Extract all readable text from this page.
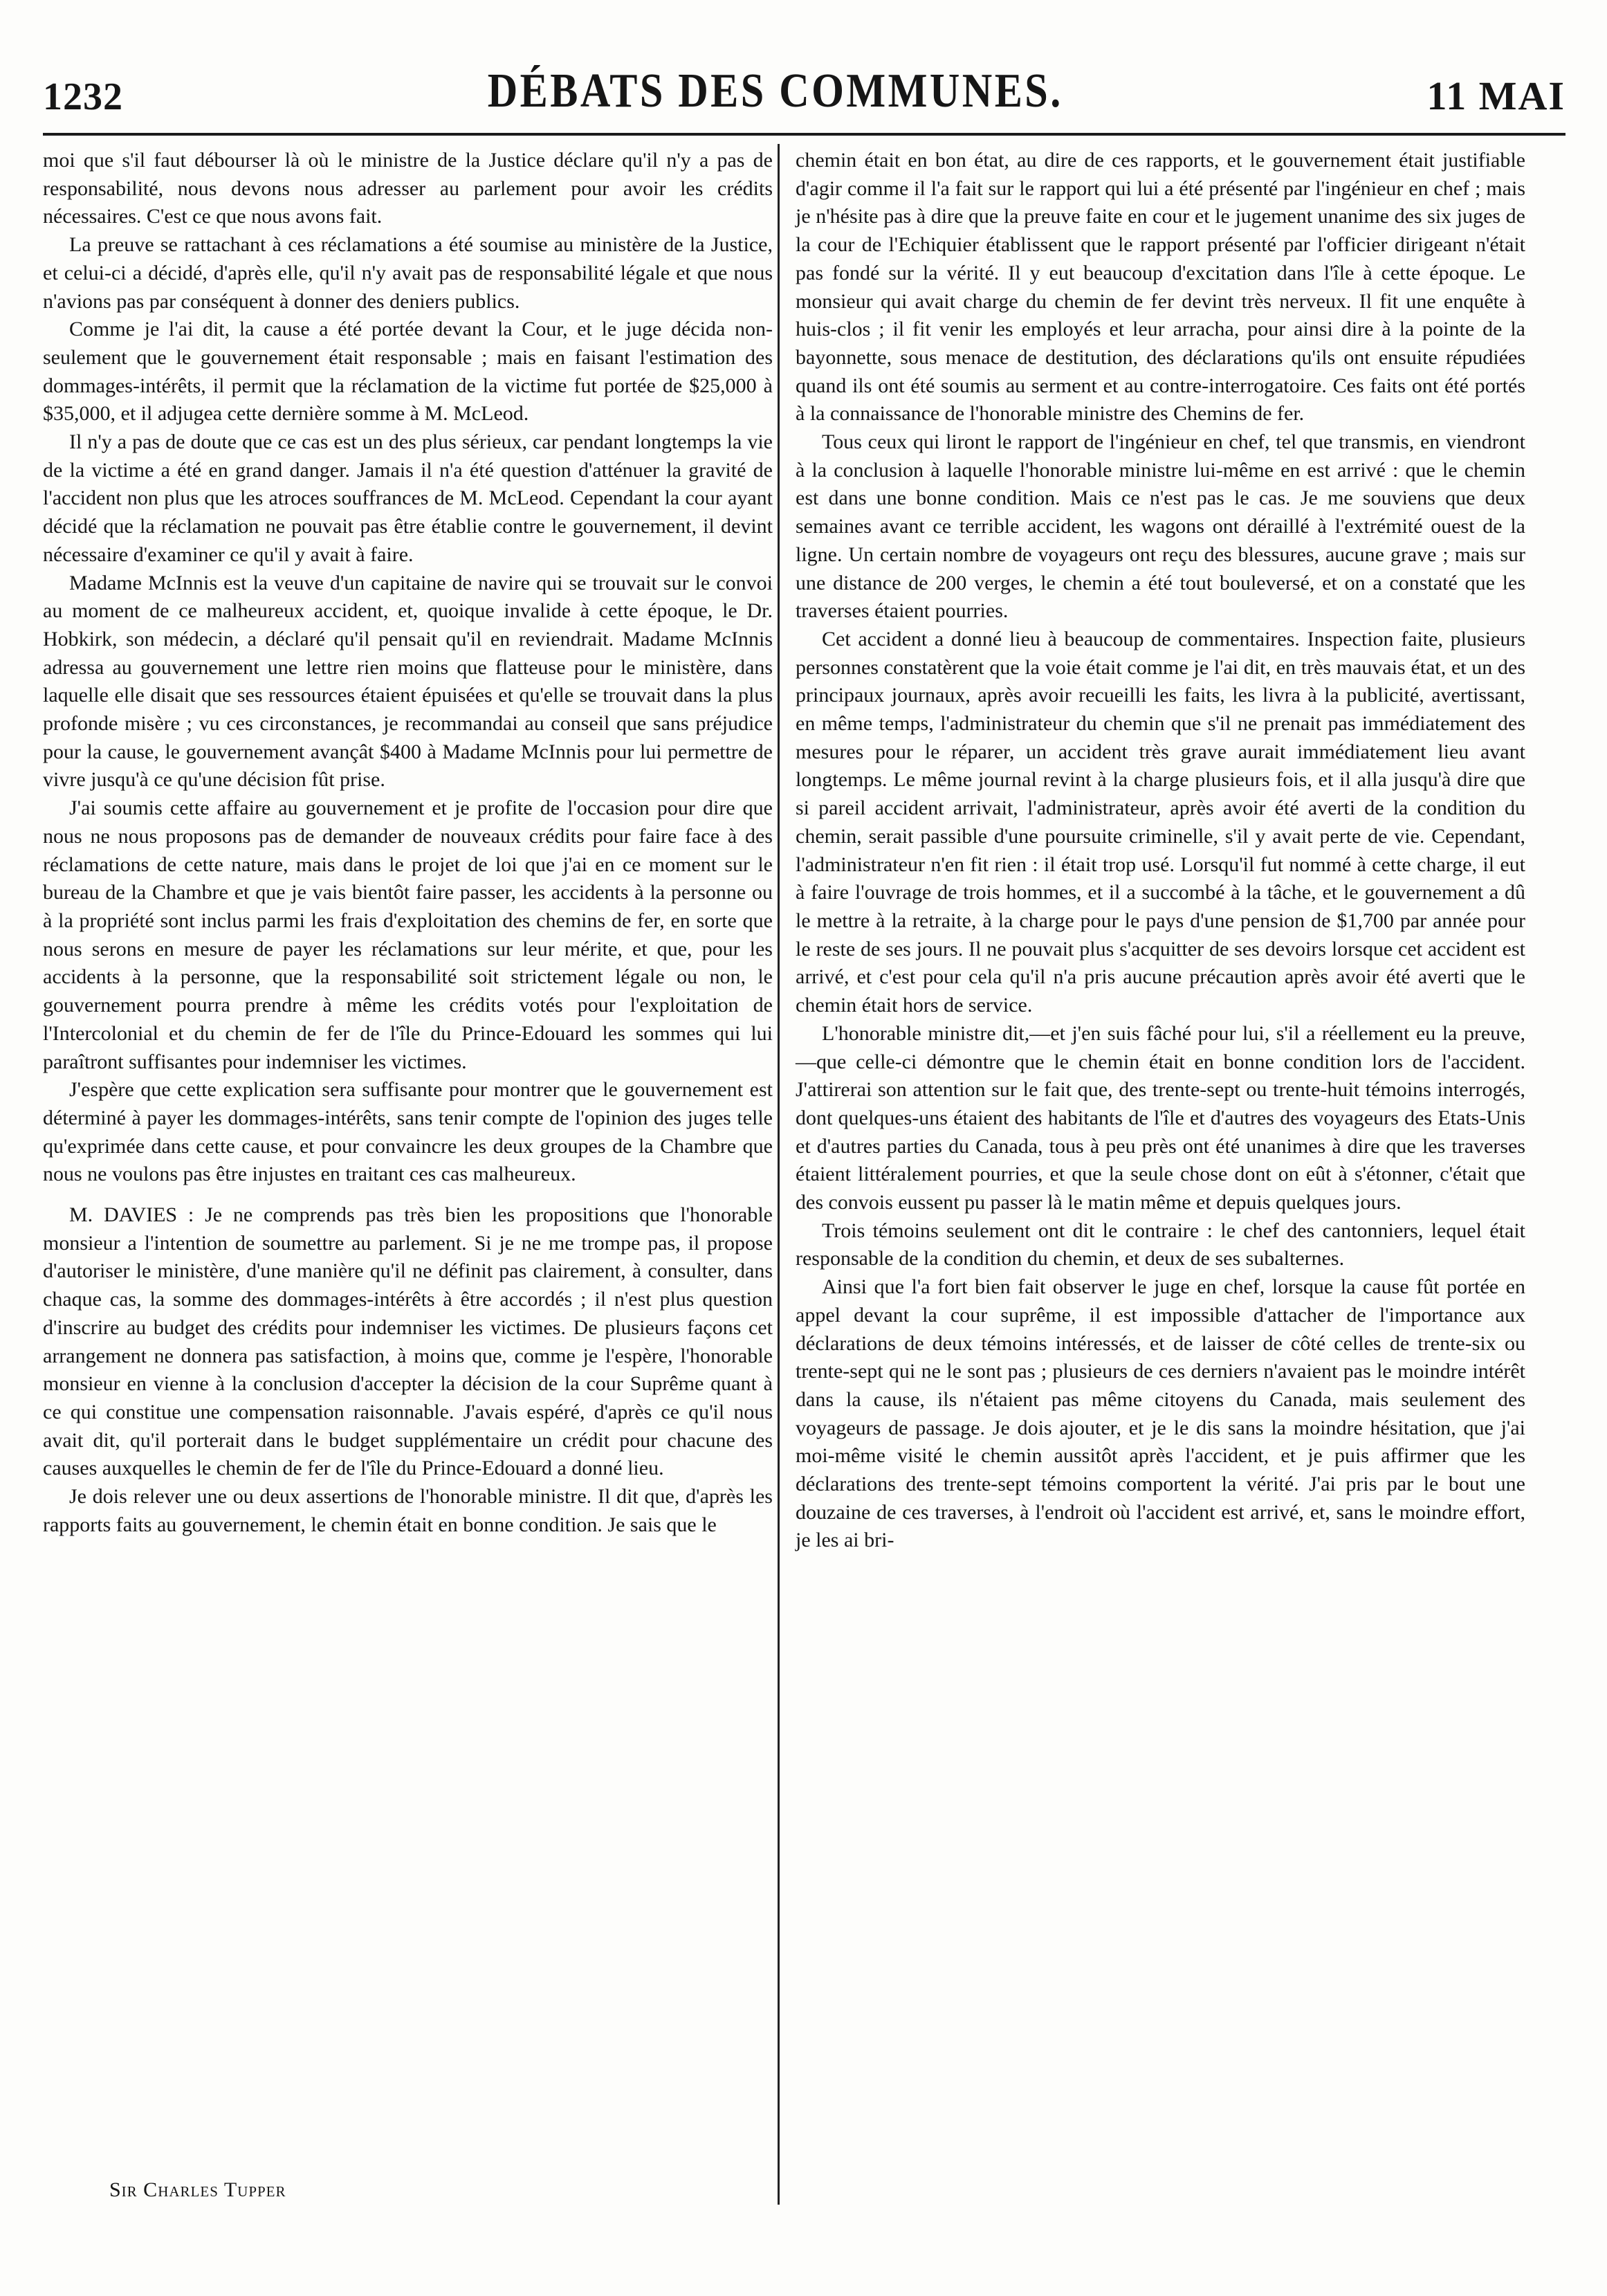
1232	DÉBATS DES COMMUNES.	11 MAI

moi que s'il faut débourser là où le ministre de la Justice déclare qu'il n'y a pas de responsabilité, nous devons nous adresser au parlement pour avoir les crédits nécessaires. C'est ce que nous avons fait.

La preuve se rattachant à ces réclamations a été soumise au ministère de la Justice, et celui-ci a décidé, d'après elle, qu'il n'y avait pas de responsabilité légale et que nous n'avions pas par conséquent à donner des deniers publics.

Comme je l'ai dit, la cause a été portée devant la Cour, et le juge décida non-seulement que le gouvernement était responsable ; mais en faisant l'estimation des dommages-intérêts, il permit que la réclamation de la victime fut portée de $25,000 à $35,000, et il adjugea cette dernière somme à M. McLeod.

Il n'y a pas de doute que ce cas est un des plus sérieux, car pendant longtemps la vie de la victime a été en grand danger. Jamais il n'a été question d'atténuer la gravité de l'accident non plus que les atroces souffrances de M. McLeod. Cependant la cour ayant décidé que la réclamation ne pouvait pas être établie contre le gouvernement, il devint nécessaire d'examiner ce qu'il y avait à faire.

Madame McInnis est la veuve d'un capitaine de navire qui se trouvait sur le convoi au moment de ce malheureux accident, et, quoique invalide à cette époque, le Dr. Hobkirk, son médecin, a déclaré qu'il pensait qu'il en reviendrait. Madame McInnis adressa au gouvernement une lettre rien moins que flatteuse pour le ministère, dans laquelle elle disait que ses ressources étaient épuisées et qu'elle se trouvait dans la plus profonde misère ; vu ces circonstances, je recommandai au conseil que sans préjudice pour la cause, le gouvernement avançât $400 à Madame McInnis pour lui permettre de vivre jusqu'à ce qu'une décision fût prise.

J'ai soumis cette affaire au gouvernement et je profite de l'occasion pour dire que nous ne nous proposons pas de demander de nouveaux crédits pour faire face à des réclamations de cette nature, mais dans le projet de loi que j'ai en ce moment sur le bureau de la Chambre et que je vais bientôt faire passer, les accidents à la personne ou à la propriété sont inclus parmi les frais d'exploitation des chemins de fer, en sorte que nous serons en mesure de payer les réclamations sur leur mérite, et que, pour les accidents à la personne, que la responsabilité soit strictement légale ou non, le gouvernement pourra prendre à même les crédits votés pour l'exploitation de l'Intercolonial et du chemin de fer de l'île du Prince-Edouard les sommes qui lui paraîtront suffisantes pour indemniser les victimes.

J'espère que cette explication sera suffisante pour montrer que le gouvernement est déterminé à payer les dommages-intérêts, sans tenir compte de l'opinion des juges telle qu'exprimée dans cette cause, et pour convaincre les deux groupes de la Chambre que nous ne voulons pas être injustes en traitant ces cas malheureux.

M. DAVIES : Je ne comprends pas très bien les propositions que l'honorable monsieur a l'intention de soumettre au parlement. Si je ne me trompe pas, il propose d'autoriser le ministère, d'une manière qu'il ne définit pas clairement, à consulter, dans chaque cas, la somme des dommages-intérêts à être accordés ; il n'est plus question d'inscrire au budget des crédits pour indemniser les victimes. De plusieurs façons cet arrangement ne donnera pas satisfaction, à moins que, comme je l'espère, l'honorable monsieur en vienne à la conclusion d'accepter la décision de la cour Suprême quant à ce qui constitue une compensation raisonnable. J'avais espéré, d'après ce qu'il nous avait dit, qu'il porterait dans le budget supplémentaire un crédit pour chacune des causes auxquelles le chemin de fer de l'île du Prince-Edouard a donné lieu.

Je dois relever une ou deux assertions de l'honorable ministre. Il dit que, d'après les rapports faits au gouvernement, le chemin était en bonne condition. Je sais que le

Sir Charles Tupper

chemin était en bon état, au dire de ces rapports, et le gouvernement était justifiable d'agir comme il l'a fait sur le rapport qui lui a été présenté par l'ingénieur en chef ; mais je n'hésite pas à dire que la preuve faite en cour et le jugement unanime des six juges de la cour de l'Echiquier établissent que le rapport présenté par l'officier dirigeant n'était pas fondé sur la vérité. Il y eut beaucoup d'excitation dans l'île à cette époque. Le monsieur qui avait charge du chemin de fer devint très nerveux. Il fit une enquête à huis-clos ; il fit venir les employés et leur arracha, pour ainsi dire à la pointe de la bayonnette, sous menace de destitution, des déclarations qu'ils ont ensuite répudiées quand ils ont été soumis au serment et au contre-interrogatoire. Ces faits ont été portés à la connaissance de l'honorable ministre des Chemins de fer.

Tous ceux qui liront le rapport de l'ingénieur en chef, tel que transmis, en viendront à la conclusion à laquelle l'honorable ministre lui-même en est arrivé : que le chemin est dans une bonne condition. Mais ce n'est pas le cas. Je me souviens que deux semaines avant ce terrible accident, les wagons ont déraillé à l'extrémité ouest de la ligne. Un certain nombre de voyageurs ont reçu des blessures, aucune grave ; mais sur une distance de 200 verges, le chemin a été tout bouleversé, et on a constaté que les traverses étaient pourries.

Cet accident a donné lieu à beaucoup de commentaires. Inspection faite, plusieurs personnes constatèrent que la voie était comme je l'ai dit, en très mauvais état, et un des principaux journaux, après avoir recueilli les faits, les livra à la publicité, avertissant, en même temps, l'administrateur du chemin que s'il ne prenait pas immédiatement des mesures pour le réparer, un accident très grave aurait immédiatement lieu avant longtemps. Le même journal revint à la charge plusieurs fois, et il alla jusqu'à dire que si pareil accident arrivait, l'administrateur, après avoir été averti de la condition du chemin, serait passible d'une poursuite criminelle, s'il y avait perte de vie. Cependant, l'administrateur n'en fit rien : il était trop usé. Lorsqu'il fut nommé à cette charge, il eut à faire l'ouvrage de trois hommes, et il a succombé à la tâche, et le gouvernement a dû le mettre à la retraite, à la charge pour le pays d'une pension de $1,700 par année pour le reste de ses jours. Il ne pouvait plus s'acquitter de ses devoirs lorsque cet accident est arrivé, et c'est pour cela qu'il n'a pris aucune précaution après avoir été averti que le chemin était hors de service.

L'honorable ministre dit,—et j'en suis fâché pour lui, s'il a réellement eu la preuve,—que celle-ci démontre que le chemin était en bonne condition lors de l'accident. J'attirerai son attention sur le fait que, des trente-sept ou trente-huit témoins interrogés, dont quelques-uns étaient des habitants de l'île et d'autres des voyageurs des Etats-Unis et d'autres parties du Canada, tous à peu près ont été unanimes à dire que les traverses étaient littéralement pourries, et que la seule chose dont on eût à s'étonner, c'était que des convois eussent pu passer là le matin même et depuis quelques jours.

Trois témoins seulement ont dit le contraire : le chef des cantonniers, lequel était responsable de la condition du chemin, et deux de ses subalternes.

Ainsi que l'a fort bien fait observer le juge en chef, lorsque la cause fût portée en appel devant la cour suprême, il est impossible d'attacher de l'importance aux déclarations de deux témoins intéressés, et de laisser de côté celles de trente-six ou trente-sept qui ne le sont pas ; plusieurs de ces derniers n'avaient pas le moindre intérêt dans la cause, ils n'étaient pas même citoyens du Canada, mais seulement des voyageurs de passage. Je dois ajouter, et je le dis sans la moindre hésitation, que j'ai moi-même visité le chemin aussitôt après l'accident, et je puis affirmer que les déclarations des trente-sept témoins comportent la vérité. J'ai pris par le bout une douzaine de ces traverses, à l'endroit où l'accident est arrivé, et, sans le moindre effort, je les ai bri-
